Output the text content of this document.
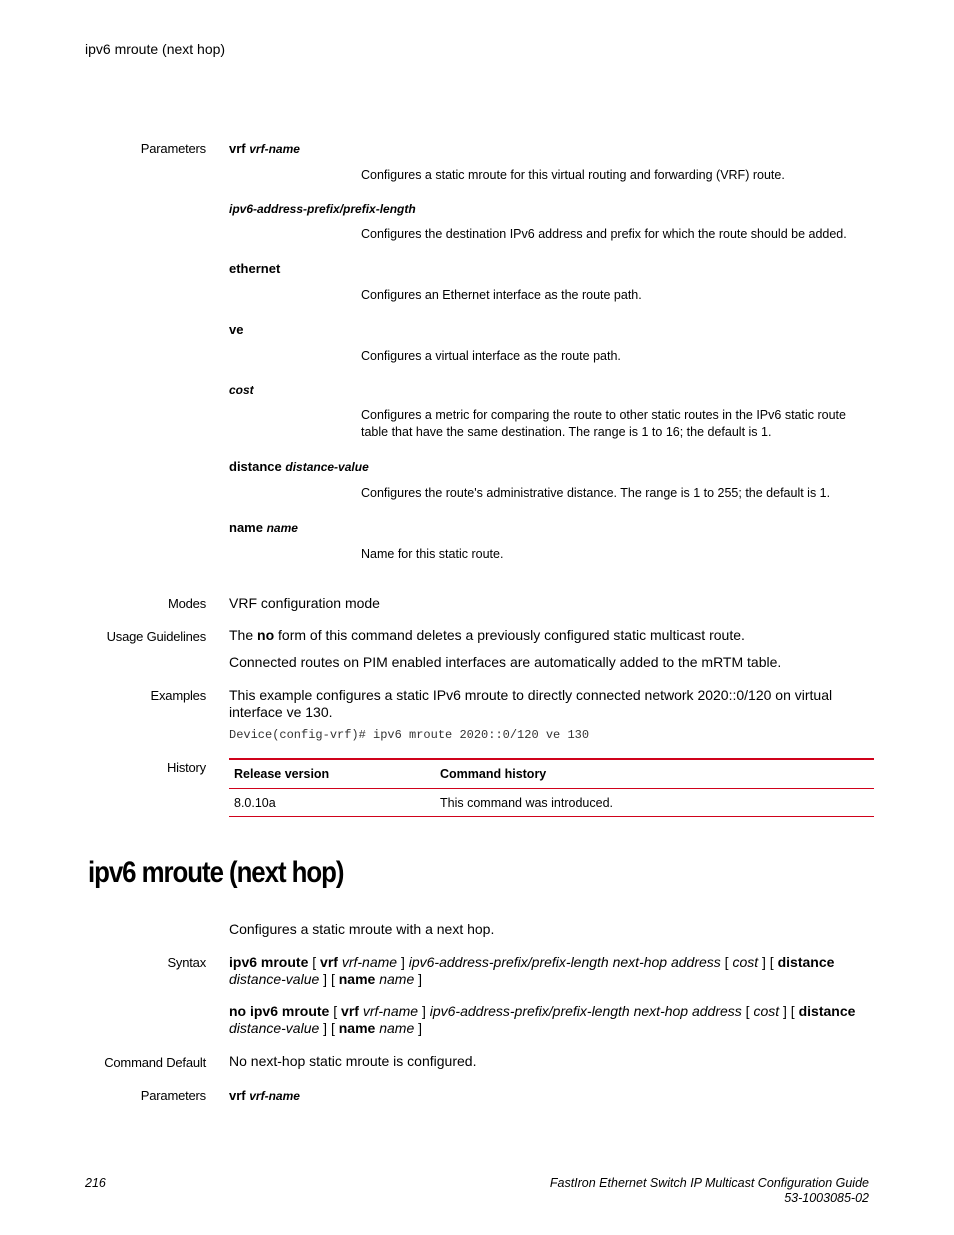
ipv6 mroute (next hop)
Parameters vrf vrf-name
Configures a static mroute for this virtual routing and forwarding (VRF) route.
ipv6-address-prefix/prefix-length
Configures the destination IPv6 address and prefix for which the route should be added.
ethernet
Configures an Ethernet interface as the route path.
ve
Configures a virtual interface as the route path.
cost
Configures a metric for comparing the route to other static routes in the IPv6 static route table that have the same destination. The range is 1 to 16; the default is 1.
distance distance-value
Configures the route's administrative distance. The range is 1 to 255; the default is 1.
name name
Name for this static route.
Modes VRF configuration mode
Usage Guidelines The no form of this command deletes a previously configured static multicast route.
Connected routes on PIM enabled interfaces are automatically added to the mRTM table.
Examples This example configures a static IPv6 mroute to directly connected network 2020::0/120 on virtual interface ve 130.
Device(config-vrf)# ipv6 mroute 2020::0/120 ve 130
History Release version	Command history
8.0.10a	This command was introduced.
ipv6 mroute (next hop)
Configures a static mroute with a next hop.
Syntax ipv6 mroute [ vrf vrf-name ] ipv6-address-prefix/prefix-length next-hop address [ cost ] [ distance distance-value ] [ name name ]
no ipv6 mroute [ vrf vrf-name ] ipv6-address-prefix/prefix-length next-hop address [ cost ] [ distance distance-value ] [ name name ]
Command Default No next-hop static mroute is configured.
Parameters vrf vrf-name
216	FastIron Ethernet Switch IP Multicast Configuration Guide
53-1003085-02
